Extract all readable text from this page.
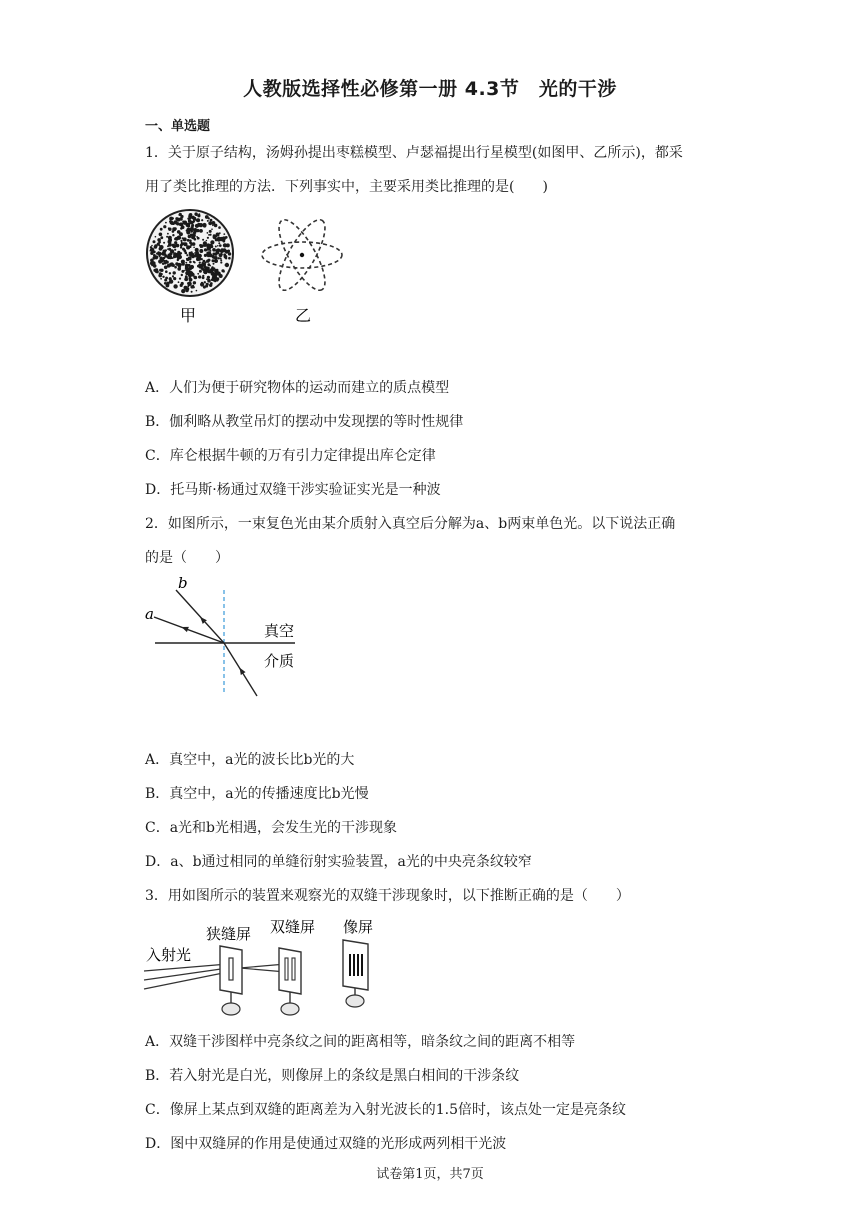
人教版选择性必修第一册 4.3节　光的干涉
一、单选题
1．关于原子结构，汤姆孙提出枣糕模型、卢瑟福提出行星模型(如图甲、乙所示)，都采
用了类比推理的方法．下列事实中，主要采用类比推理的是(　　)
甲	乙
A．人们为便于研究物体的运动而建立的质点模型
B．伽利略从教堂吊灯的摆动中发现摆的等时性规律
C．库仑根据牛顿的万有引力定律提出库仑定律
D．托马斯·杨通过双缝干涉实验证实光是一种波
2．如图所示，一束复色光由某介质射入真空后分解为a、b两束单色光。以下说法正确
的是（　　）
b
a
真空
介质
A．真空中，a光的波长比b光的大
B．真空中，a光的传播速度比b光慢
C．a光和b光相遇，会发生光的干涉现象
D．a、b通过相同的单缝衍射实验装置，a光的中央亮条纹较窄
3．用如图所示的装置来观察光的双缝干涉现象时，以下推断正确的是（　　）
入射光
狭缝屏 双缝屏 像屏
A．双缝干涉图样中亮条纹之间的距离相等，暗条纹之间的距离不相等
B．若入射光是白光，则像屏上的条纹是黑白相间的干涉条纹
C．像屏上某点到双缝的距离差为入射光波长的1.5倍时，该点处一定是亮条纹
D．图中双缝屏的作用是使通过双缝的光形成两列相干光波
试卷第1页，共7页
